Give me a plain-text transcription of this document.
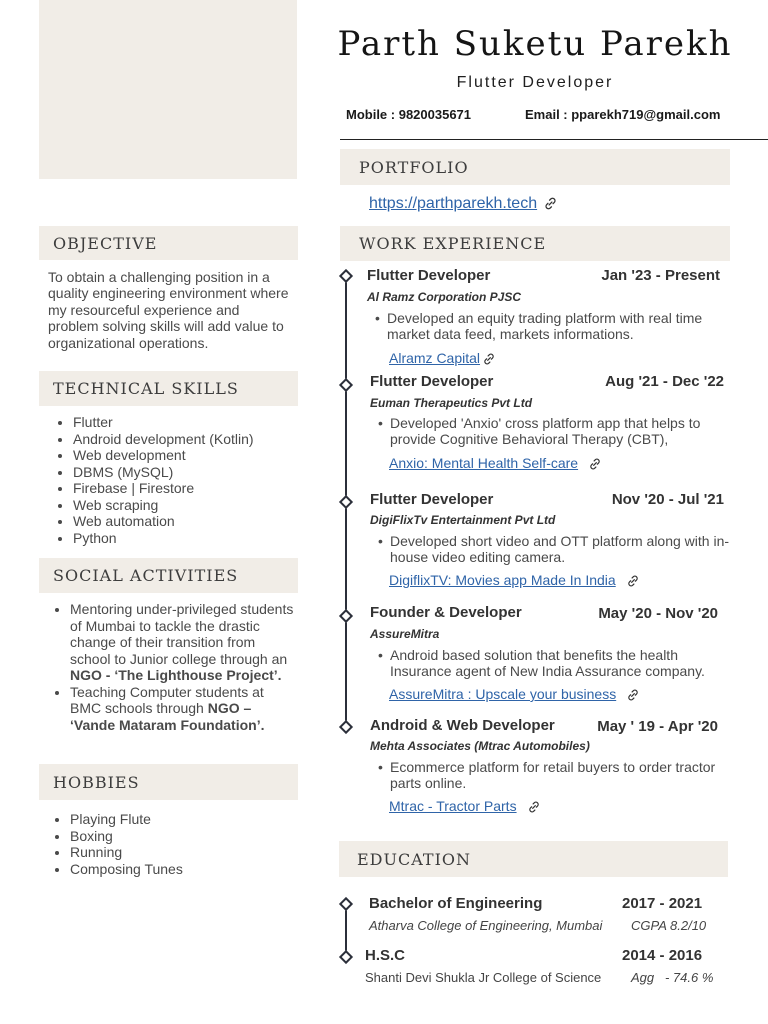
OBJECTIVE
To obtain a challenging position in a quality engineering environment where my resourceful experience and problem solving skills will add value to organizational operations.
TECHNICAL SKILLS
• Flutter
• Android development (Kotlin)
• Web development
• DBMS (MySQL)
• Firebase | Firestore
• Web scraping
• Web automation
• Python
SOCIAL ACTIVITIES
• Mentoring under-privileged students of Mumbai to tackle the drastic change of their transition from school to Junior college through an NGO - ‘The Lighthouse Project’.
• Teaching Computer students at BMC schools through NGO – ‘Vande Mataram Foundation’.
HOBBIES
• Playing Flute
• Boxing
• Running
• Composing Tunes
Parth Suketu Parekh
Flutter Developer
Mobile : 9820035671	Email : pparekh719@gmail.com
PORTFOLIO
https://parthparekh.tech
WORK EXPERIENCE
Flutter Developer	Jan '23 - Present
Al Ramz Corporation PJSC
• Developed an equity trading platform with real time market data feed, markets informations.
Alramz Capital
Flutter Developer	Aug '21 - Dec '22
Euman Therapeutics Pvt Ltd
• Developed 'Anxio' cross platform app that helps to provide Cognitive Behavioral Therapy (CBT),
Anxio: Mental Health Self-care
Flutter Developer	Nov '20 - Jul '21
DigiFlixTv Entertainment Pvt Ltd
• Developed short video and OTT platform along with in-house video editing camera.
DigiflixTV: Movies app Made In India
Founder & Developer	May '20 - Nov '20
AssureMitra
• Android based solution that benefits the health Insurance agent of New India Assurance company.
AssureMitra : Upscale your business
Android & Web Developer	May ' 19 - Apr '20
Mehta Associates (Mtrac Automobiles)
• Ecommerce platform for retail buyers to order tractor parts online.
Mtrac - Tractor Parts
EDUCATION
Bachelor of Engineering	2017 - 2021
Atharva College of Engineering, Mumbai CGPA 8.2/10
H.S.C	2014 - 2016
Shanti Devi Shukla Jr College of Science Agg   - 74.6 %
